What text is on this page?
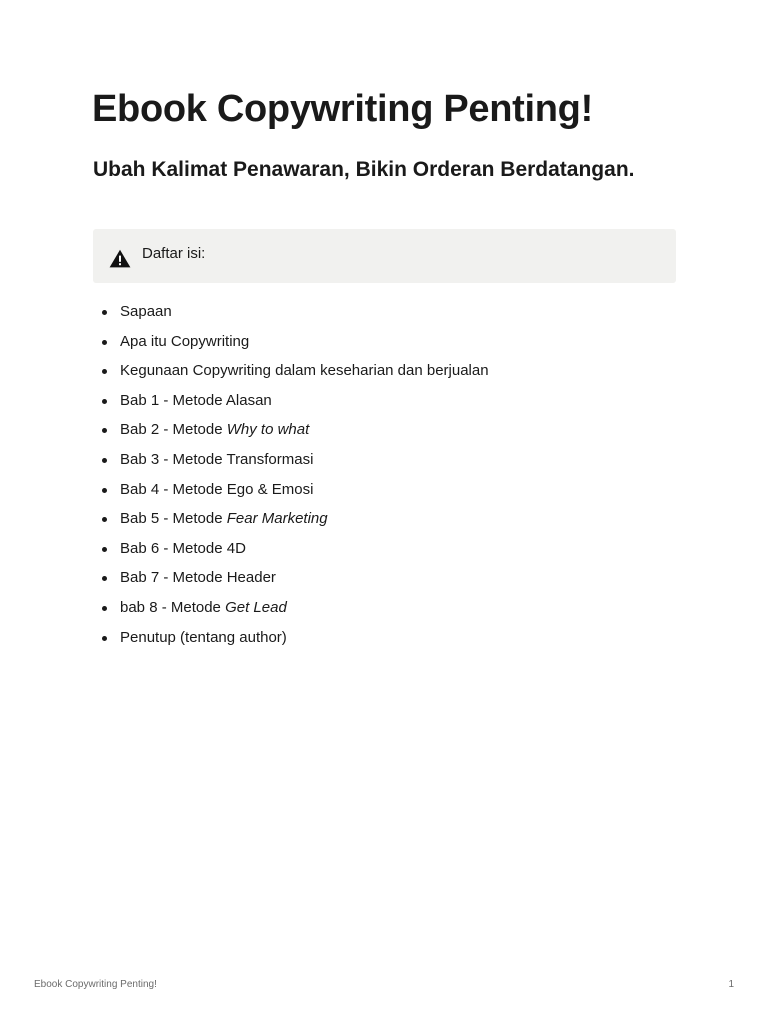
Ebook Copywriting Penting!
Ubah Kalimat Penawaran, Bikin Orderan Berdatangan.
Daftar isi:
Sapaan
Apa itu Copywriting
Kegunaan Copywriting dalam keseharian dan berjualan
Bab 1 - Metode Alasan
Bab 2 - Metode Why to what
Bab 3 - Metode Transformasi
Bab 4 - Metode Ego & Emosi
Bab 5 - Metode Fear Marketing
Bab 6 - Metode 4D
Bab 7 - Metode Header
bab 8 - Metode Get Lead
Penutup (tentang author)
Ebook Copywriting Penting!	1
